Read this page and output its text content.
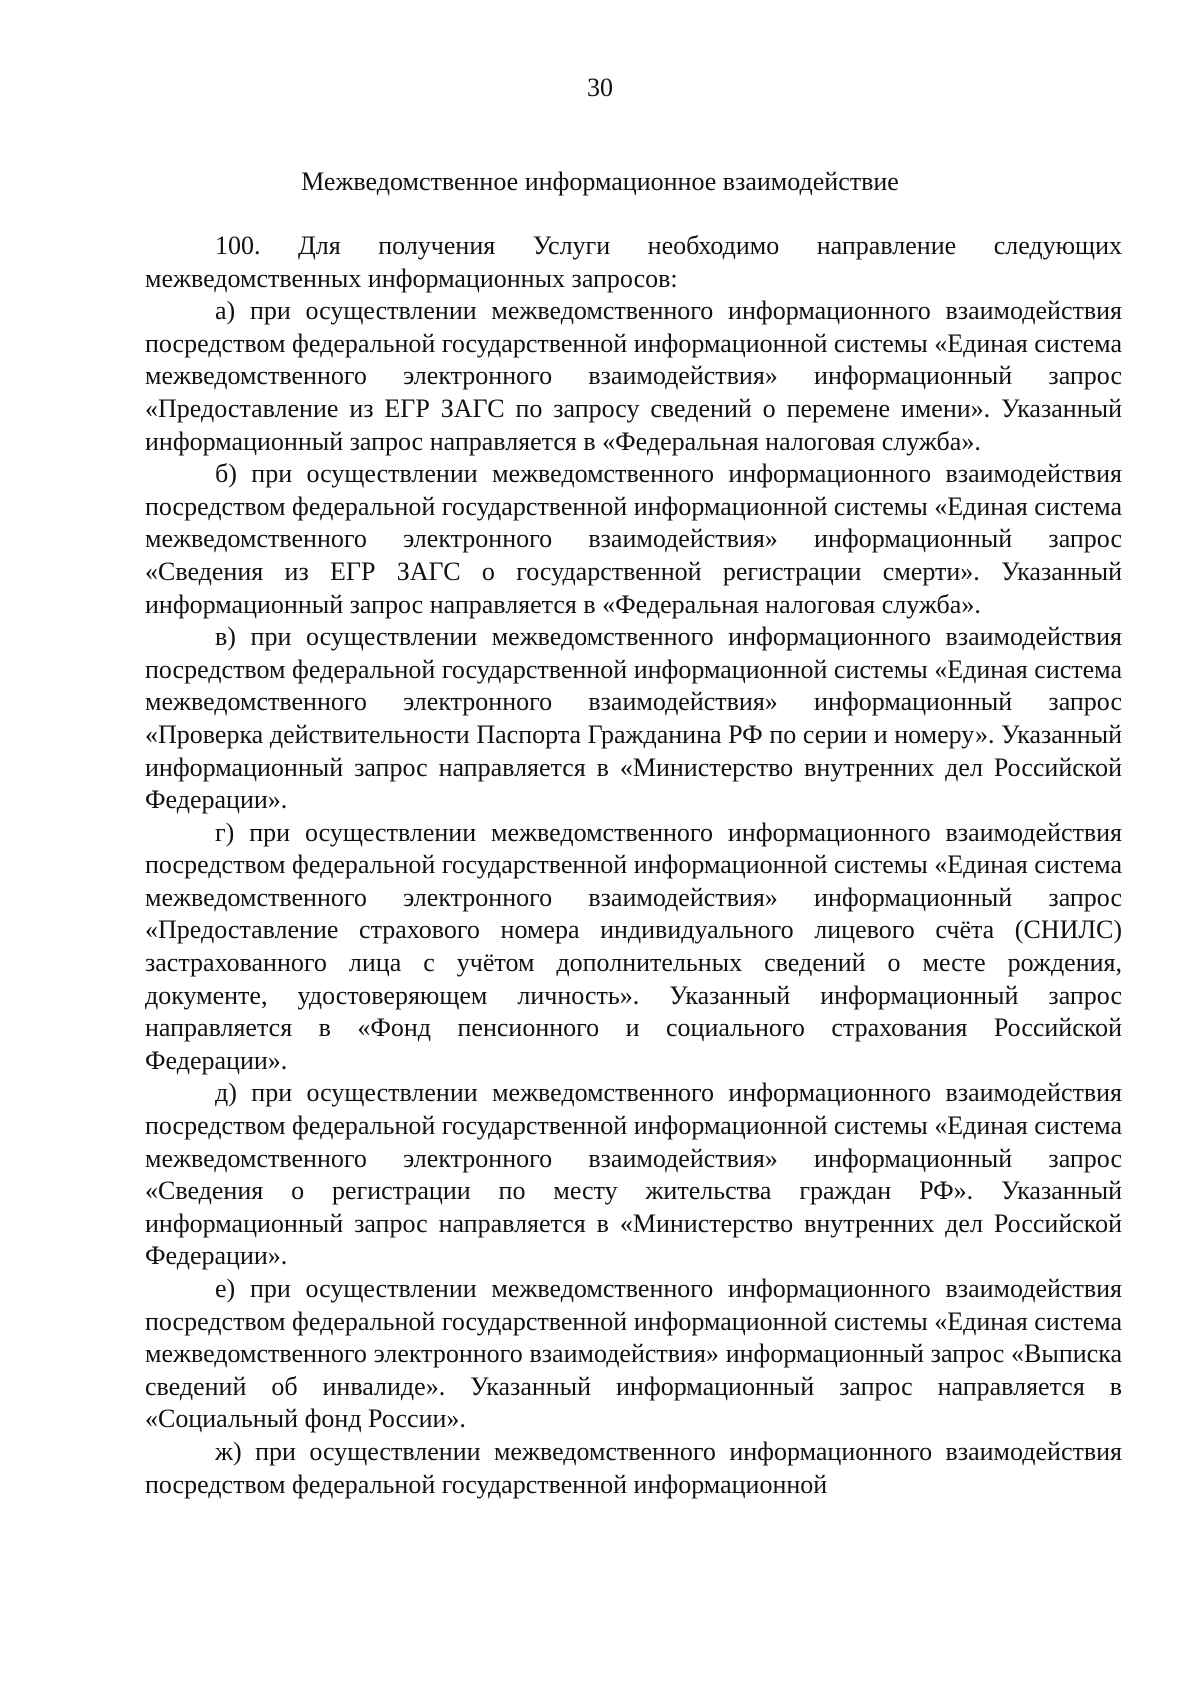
30
Межведомственное информационное взаимодействие

100. Для получения Услуги необходимо направление следующих межведомственных информационных запросов:

а) при осуществлении межведомственного информационного взаимодействия посредством федеральной государственной информационной системы «Единая система межведомственного электронного взаимодействия» информационный запрос «Предоставление из ЕГР ЗАГС по запросу сведений о перемене имени». Указанный информационный запрос направляется в «Федеральная налоговая служба».

б) при осуществлении межведомственного информационного взаимодействия посредством федеральной государственной информационной системы «Единая система межведомственного электронного взаимодействия» информационный запрос «Сведения из ЕГР ЗАГС о государственной регистрации смерти». Указанный информационный запрос направляется в «Федеральная налоговая служба».

в) при осуществлении межведомственного информационного взаимодействия посредством федеральной государственной информационной системы «Единая система межведомственного электронного взаимодействия» информационный запрос «Проверка действительности Паспорта Гражданина РФ по серии и номеру». Указанный информационный запрос направляется в «Министерство внутренних дел Российской Федерации».

г) при осуществлении межведомственного информационного взаимодействия посредством федеральной государственной информационной системы «Единая система межведомственного электронного взаимодействия» информационный запрос «Предоставление страхового номера индивидуального лицевого счёта (СНИЛС) застрахованного лица с учётом дополнительных сведений о месте рождения, документе, удостоверяющем личность». Указанный информационный запрос направляется в «Фонд пенсионного и социального страхования Российской Федерации».

д) при осуществлении межведомственного информационного взаимодействия посредством федеральной государственной информационной системы «Единая система межведомственного электронного взаимодействия» информационный запрос «Сведения о регистрации по месту жительства граждан РФ». Указанный информационный запрос направляется в «Министерство внутренних дел Российской Федерации».

е) при осуществлении межведомственного информационного взаимодействия посредством федеральной государственной информационной системы «Единая система межведомственного электронного взаимодействия» информационный запрос «Выписка сведений об инвалиде». Указанный информационный запрос направляется в «Социальный фонд России».

ж) при осуществлении межведомственного информационного взаимодействия посредством федеральной государственной информационной
